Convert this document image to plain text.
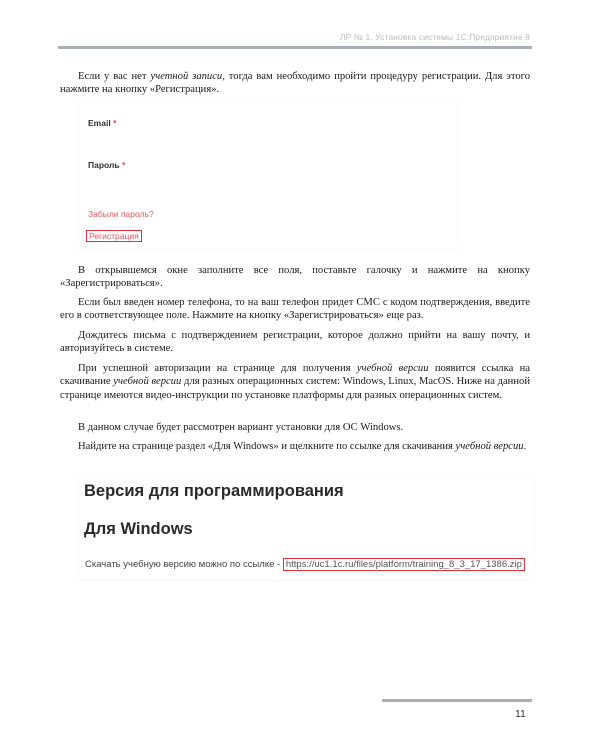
ЛР № 1. Установка системы 1С:Предприятие 8

Если у вас нет учетной записи, тогда вам необходимо пройти процедуру регистрации. Для этого нажмите на кнопку «Регистрация».

Email *
Пароль *
Забыли пароль?
Регистрация

В открывшемся окне заполните все поля, поставьте галочку и нажмите на кнопку «Зарегистрироваться».

Если был введен номер телефона, то на ваш телефон придет СМС с кодом подтверждения, введите его в соответствующее поле. Нажмите на кнопку «Зарегистрироваться» еще раз.

Дождитесь письма с подтверждением регистрации, которое должно прийти на вашу почту, и авторизуйтесь в системе.

При успешной авторизации на странице для получения учебной версии появится ссылка на скачивание учебной версии для разных операционных систем: Windows, Linux, MacOS. Ниже на данной странице имеются видео-инструкции по установке платформы для разных операционных систем.

В данном случае будет рассмотрен вариант установки для ОС Windows.

Найдите на странице раздел «Для Windows» и щелкните по ссылке для скачивания учебной версии.

Версия для программирования
Для Windows
Скачать учебную версию можно по ссылке - https://uc1.1c.ru/files/platform/training_8_3_17_1386.zip
11
